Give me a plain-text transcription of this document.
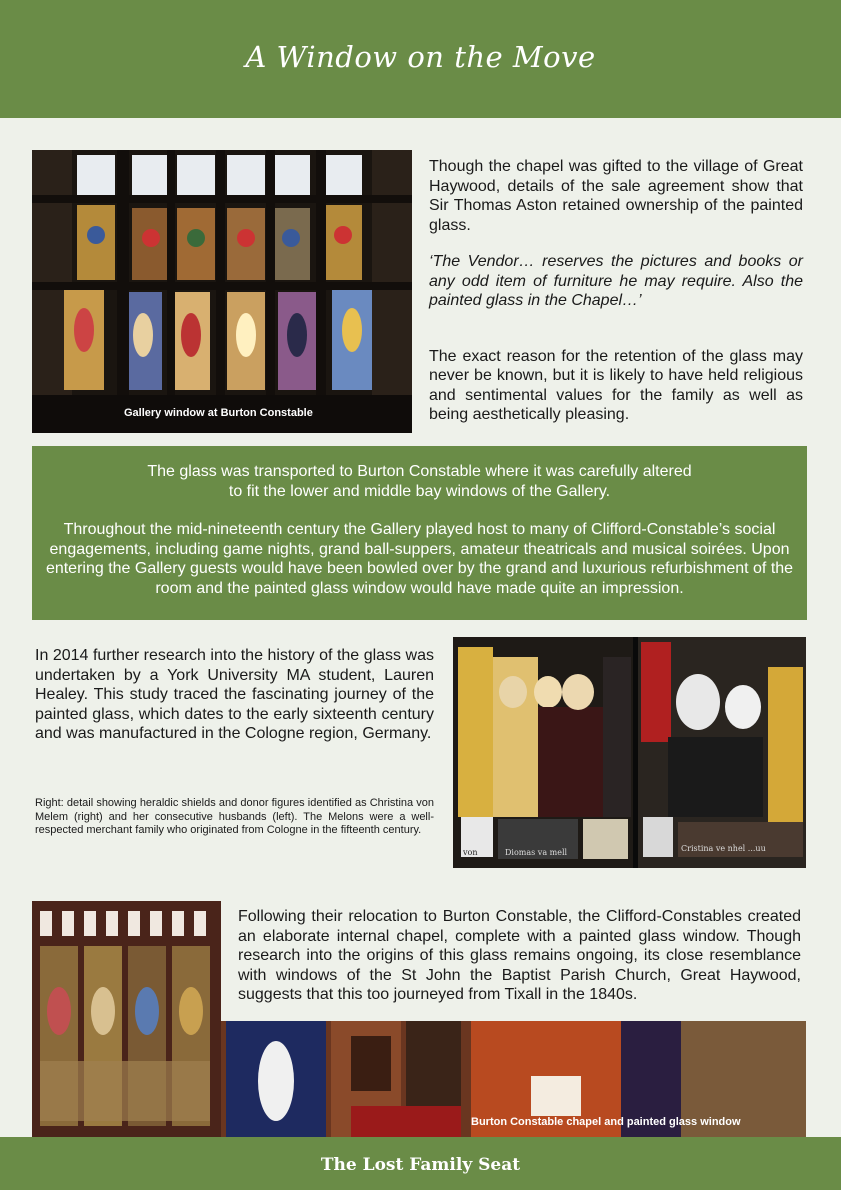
A Window on the Move
Gallery window at Burton Constable

Though the chapel was gifted to the village of Great Haywood, details of the sale agreement show that Sir Thomas Aston retained ownership of the painted glass.

‘The Vendor… reserves the pictures and books or any odd item of furniture he may require. Also the painted glass in the Chapel…’

The exact reason for the retention of the glass may never be known, but it is likely to have held religious and sentimental values for the family as well as being aesthetically pleasing.

The glass was transported to Burton Constable where it was carefully altered to fit the lower and middle bay windows of the Gallery.

Throughout the mid-nineteenth century the Gallery played host to many of Clifford-Constable’s social engagements, including game nights, grand ball-suppers, amateur theatricals and musical soirées. Upon entering the Gallery guests would have been bowled over by the grand and luxurious refurbishment of the room and the painted glass window would have made quite an impression.

In 2014 further research into the history of the glass was undertaken by a York University MA student, Lauren Healey. This study traced the fascinating journey of the painted glass, which dates to the early sixteenth century and was manufactured in the Cologne region, Germany.
Right: detail showing heraldic shields and donor figures identified as Christina von Melem (right) and her consecutive husbands (left). The Melons were a well-respected merchant family who originated from Cologne in the fifteenth century.
von	Diomas va mell	Cristina ve nhel ...uu
Following their relocation to Burton Constable, the Clifford-Constables created an elaborate internal chapel, complete with a painted glass window. Though research into the origins of this glass remains ongoing, its close resemblance with windows of the St John the Baptist Parish Church, Great Haywood, suggests that this too journeyed from Tixall in the 1840s.
Burton Constable chapel and painted glass window
The Lost Family Seat
